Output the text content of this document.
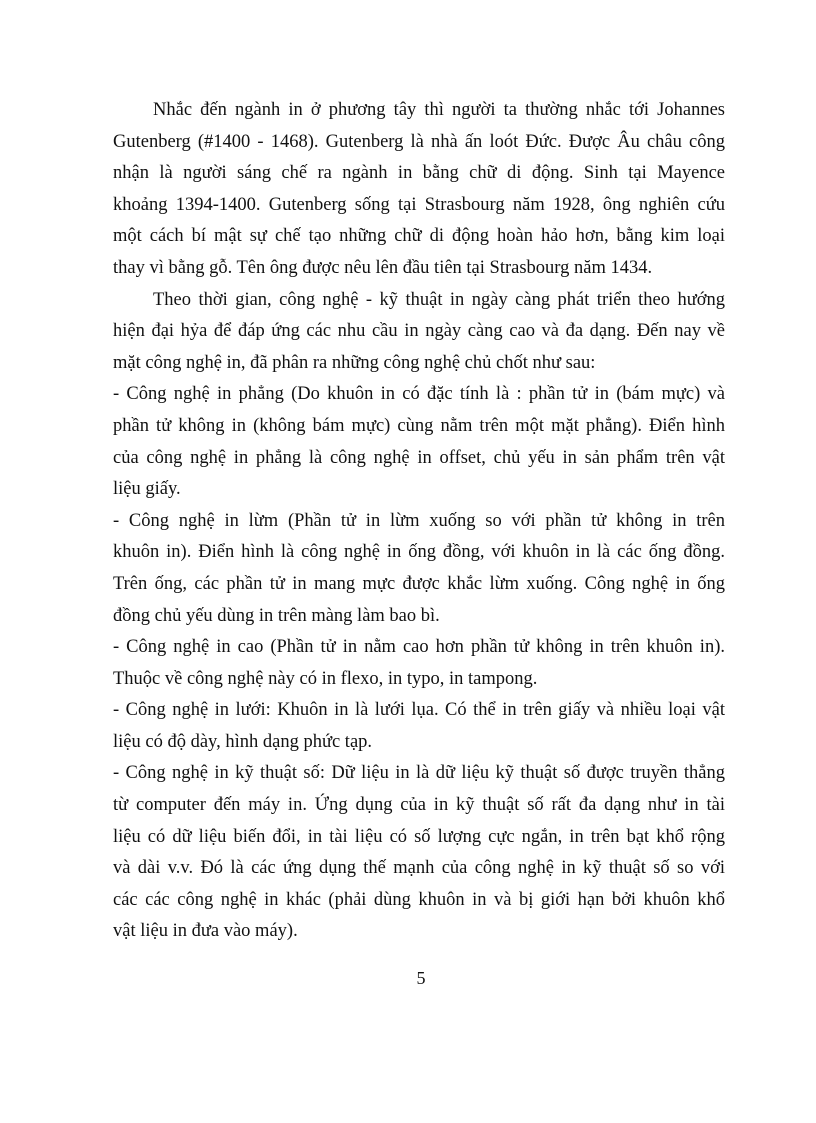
Nhắc đến ngành in ở phương tây thì người ta thường nhắc tới Johannes
Gutenberg (#1400 - 1468). Gutenberg là nhà ấn loót Đức. Được Âu châu công
nhận là người sáng chế ra ngành in bằng chữ di động. Sinh tại Mayence
khoảng 1394-1400. Gutenberg sống tại Strasbourg năm 1928, ông nghiên cứu
một cách bí mật sự chế tạo những chữ di động hoàn hảo hơn, bằng kim loại
thay vì bằng gỗ. Tên ông được nêu lên đầu tiên tại Strasbourg năm 1434.
Theo thời gian, công nghệ - kỹ thuật in ngày càng phát triển theo hướng
hiện đại hỷa để đáp ứng các nhu cầu in ngày càng cao và đa dạng. Đến nay về
mặt công nghệ in, đã phân ra những công nghệ chủ chốt như sau:
- Công nghệ in phẳng (Do khuôn in có đặc tính là : phần tử in (bám mực) và
phần tử không in (không bám mực) cùng nằm trên một mặt phẳng). Điển hình
của công nghệ in phẳng là công nghệ in offset, chủ yếu in sản phẩm trên vật
liệu giấy.
- Công nghệ in lừm (Phần tử in lừm xuống so với phần tử không in trên
khuôn in). Điển hình là công nghệ in ống đồng, với khuôn in là các ống đồng.
Trên ống, các phần tử in mang mực được khắc lừm xuống. Công nghệ in ống
đồng chủ yếu dùng in trên màng làm bao bì.
- Công nghệ in cao (Phần tử in nằm cao hơn phần tử không in trên khuôn in).
Thuộc về công nghệ này có in flexo, in typo, in tampong.
- Công nghệ in lưới: Khuôn in là lưới lụa. Có thể in trên giấy và nhiều loại vật
liệu có độ dày, hình dạng phức tạp.
- Công nghệ in kỹ thuật số: Dữ liệu in là dữ liệu kỹ thuật số được truyền thẳng
từ computer đến máy in. Ứng dụng của in kỹ thuật số rất đa dạng như in tài
liệu có dữ liệu biến đổi, in tài liệu có số lượng cực ngắn, in trên bạt khổ rộng
và dài v.v. Đó là các ứng dụng thế mạnh của công nghệ in kỹ thuật số so với
các các công nghệ in khác (phải dùng khuôn in và bị giới hạn bởi khuôn khổ
vật liệu in đưa vào máy).
5
